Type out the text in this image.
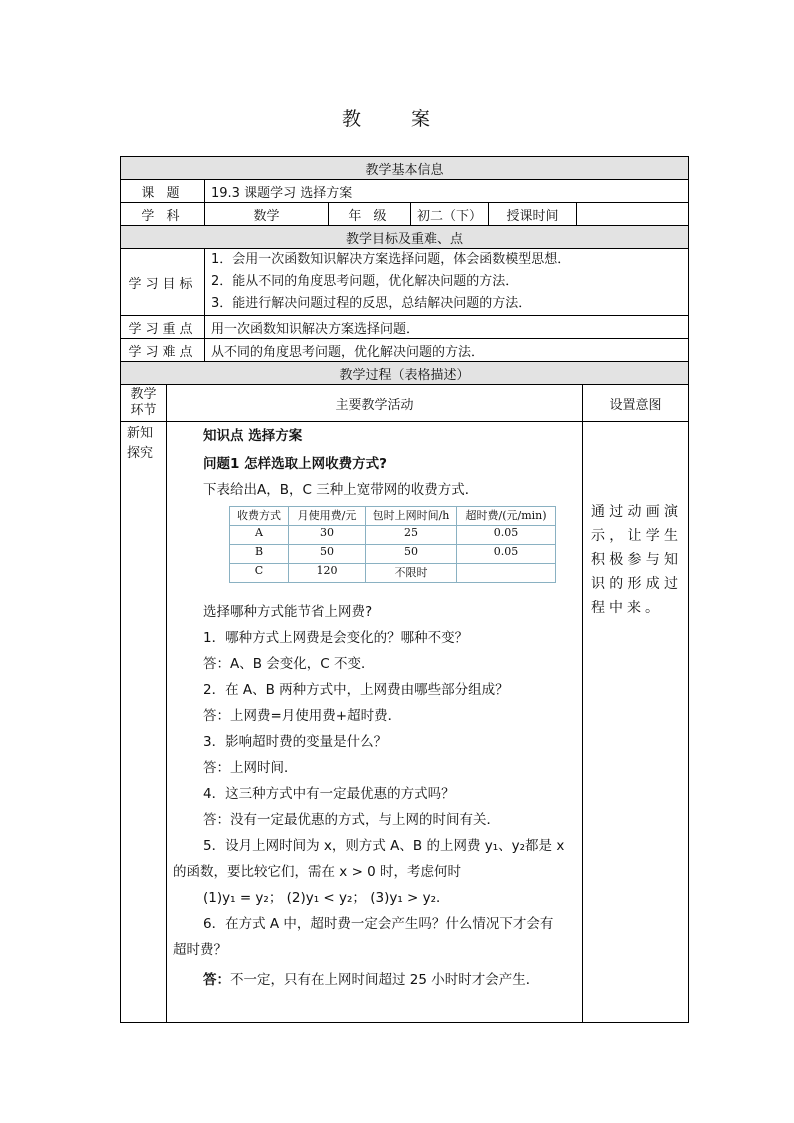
教 案
教学基本信息					
课 题	19.3 课题学习 选择方案				
学 科	数学	年 级	初二（下）	授课时间	
教学目标及重难、点					
学习目标	1．会用一次函数知识解决方案选择问题，体会函数模型思想．
2．能从不同的角度思考问题，优化解决问题的方法．
3．能进行解决问题过程的反思，总结解决问题的方法．				

学习重点	用一次函数知识解决方案选择问题．				
学习难点	从不同的角度思考问题，优化解决问题的方法．				
教学过程（表格描述）					
教学环节	主要教学活动	设置意图

新知探究

知识点 选择方案
问题1 怎样选取上网收费方式?
下表给出A，B，C 三种上宽带网的收费方式．
收费方式	月使用费/元	包时上网时间/h	超时费/(元/min)
A	30	25	0.05
B	50	50	0.05
C	120	不限时	
选择哪种方式能节省上网费?
1．哪种方式上网费是会变化的？哪种不变？
答：A、B 会变化，C 不变．
2．在 A、B 两种方式中，上网费由哪些部分组成？
答：上网费=月使用费+超时费．
3．影响超时费的变量是什么？
答：上网时间．
4．这三种方式中有一定最优惠的方式吗？
答：没有一定最优惠的方式，与上网的时间有关．
5．设月上网时间为 x，则方式 A、B 的上网费 y₁、y₂都是 x
的函数，要比较它们，需在 x > 0 时，考虑何时
(1)y₁ = y₂； (2)y₁ < y₂； (3)y₁ > y₂．
6．在方式 A 中，超时费一定会产生吗？什么情况下才会有
超时费？
答：不一定，只有在上网时间超过 25 小时时才会产生．

通过动画演示，让学生积极参与知识的形成过程中来。
